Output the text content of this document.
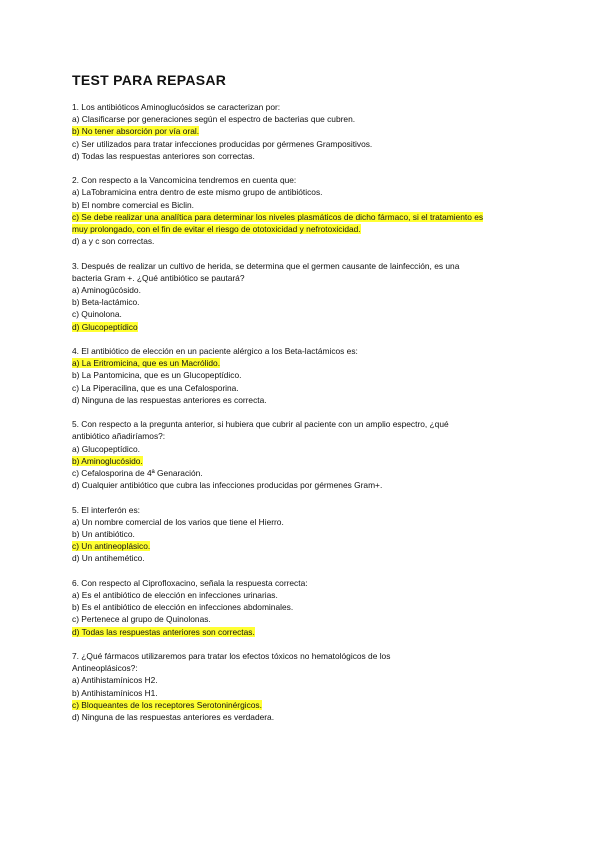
TEST PARA REPASAR
1. Los antibióticos Aminoglucósidos se caracterizan por:
a) Clasificarse por generaciones según el espectro de bacterias que cubren.
b) No tener absorción por vía oral.
c) Ser utilizados para tratar infecciones producidas por gérmenes Grampositivos.
d) Todas las respuestas anteriores son correctas.
2. Con respecto a la Vancomicina tendremos en cuenta que:
a) LaTobramicina entra dentro de este mismo grupo de antibióticos.
b) El nombre comercial es Biclin.
c) Se debe realizar una analítica para determinar los niveles plasmáticos de dicho fármaco, si el tratamiento es
muy prolongado, con el fin de evitar el riesgo de ototoxicidad y nefrotoxicidad.
d) a y c son correctas.
3. Después de realizar un cultivo de herida, se determina que el germen causante de lainfección, es una
bacteria Gram +. ¿Qué antibiótico se pautará?
a) Aminogúcósido.
b) Beta-lactámico.
c) Quinolona.
d) Glucopeptídico
4. El antibiótico de elección en un paciente alérgico a los Beta-lactámicos es:
a) La Eritromicina, que es un Macrólido.
b) La Pantomicina, que es un Glucopeptídico.
c) La Piperacilina, que es una Cefalosporina.
d) Ninguna de las respuestas anteriores es correcta.
5. Con respecto a la pregunta anterior, si hubiera que cubrir al paciente con un amplio espectro, ¿qué
antibiótico añadiríamos?:
a) Glucopeptídico.
b) Aminoglucósido.
c) Cefalosporina de 4ª Genaración.
d) Cualquier antibiótico que cubra las infecciones producidas por gérmenes Gram+.
5. El interferón es:
a) Un nombre comercial de los varios que tiene el Hierro.
b) Un antibiótico.
c) Un antineoplásico.
d) Un antihemético.
6. Con respecto al Ciprofloxacino, señala la respuesta correcta:
a) Es el antibiótico de elección en infecciones urinarias.
b) Es el antibiótico de elección en infecciones abdominales.
c) Pertenece al grupo de Quinolonas.
d) Todas las respuestas anteriores son correctas.
7. ¿Qué fármacos utilizaremos para tratar los efectos tóxicos no hematológicos de los
Antineoplásicos?:
a) Antihistamínicos H2.
b) Antihistamínicos H1.
c) Bloqueantes de los receptores Serotoninérgicos.
d) Ninguna de las respuestas anteriores es verdadera.
